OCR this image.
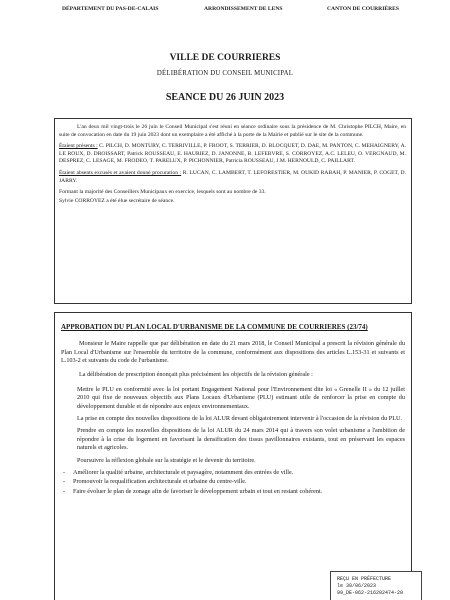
DÉPARTEMENT DU PAS-DE-CALAIS	ARRONDISSEMENT DE LENS	CANTON DE COURRIÈRES
VILLE DE COURRIERES
DÉLIBÉRATION DU CONSEIL MUNICIPAL
SEANCE DU 26 JUIN 2023

L'an deux mil vingt-trois le 26 juin le Conseil Municipal s'est réuni en séance ordinaire sous la présidence de M. Christophe PILCH, Maire, en suite de convocation en date du 19 juin 2023 dont un exemplaire a été affiché à la porte de la Mairie et publié sur le site de la commune.

Étaient présents : C. PILCH, D. MONTURY, C. TERRIVILLE, P. FROOT, S. TERRIER, D. BLOCQUET, D. DAE, M. PANTON, C. MEHAIGNERY, A. LE ROUX, D. DROISSART, Patrick ROUSSEAU, E. HAURIEZ, D. JANONNE, B. LEFEBVRE, S. CORROYEZ, A.C. LELEU, O. VERGNAUD, M. DESPREZ, C. LESAGE, M. FRODEO, T. PARELUX, P. PICHONNIER, Patricia ROUSSEAU, J.M. HERNOULD, C. PAILLART.

Étaient absents excusés et avaient donné procuration : R. LUCAN, C. LAMBERT, T. LEFORESTIER, M. OUKID RABAH, P. MANIER, P. COGET, D. JARRY.

Formant la majorité des Conseillers Municipaux en exercice, lesquels sont au nombre de 33.

Sylvie CORROYEZ a été élue secrétaire de séance.

APPROBATION DU PLAN LOCAL D'URBANISME DE LA COMMUNE DE COURRIERES (23/74)

Monsieur le Maire rappelle que par délibération en date du 21 mars 2018, le Conseil Municipal a prescrit la révision générale du Plan Local d'Urbanisme sur l'ensemble du territoire de la commune, conformément aux dispositions des articles L.153-31 et suivants et L.103-2 et suivants du code de l'urbanisme.

La délibération de prescription énonçait plus précisément les objectifs de la révision générale :

Mettre le PLU en conformité avec la loi portant Engagement National pour l'Environnement dite loi « Grenelle II » du 12 juillet 2010 qui fixe de nouveaux objectifs aux Plans Locaux d'Urbanisme (PLU) estimant utile de renforcer la prise en compte du développement durable et de répondre aux enjeux environnementaux.

La prise en compte des nouvelles dispositions de la loi ALUR devant obligatoirement intervenir à l'occasion de la révision du PLU.

Prendre en compte les nouvelles dispositions de la loi ALUR du 24 mars 2014 qui à travers son volet urbanisme a l'ambition de répondre à la crise du logement en favorisant la densification des tissus pavillonnaires existants, tout en préservant les espaces naturels et agricoles.

Poursuivre la réflexion globale sur la stratégie et le devenir du territoire.

- Améliorer la qualité urbaine, architecturale et paysagère, notamment des entrées de ville.
- Promouvoir la requalification architecturale et urbaine du centre-ville.
- Faire évoluer le plan de zonage afin de favoriser le développement urbain et tout en restant cohérent.
REÇU EN PRÉFECTURE
le 30/06/2023
99_DE-062-216202474-20
